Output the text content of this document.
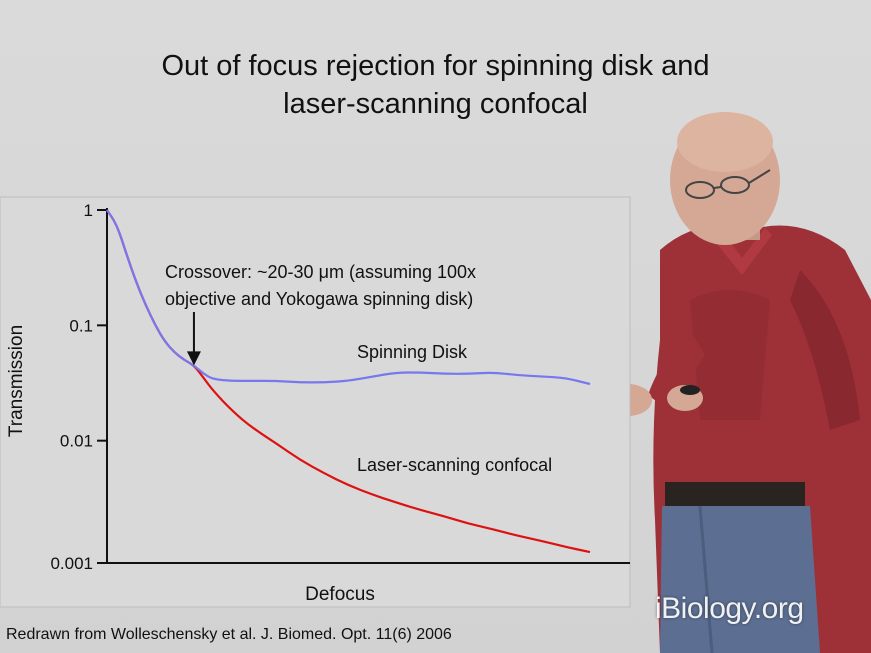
Out of focus rejection for spinning disk and
laser-scanning confocal
1
0.1
0.01
0.001
Spinning Disk
Laser-scanning confocal
Crossover: ~20-30 μm (assuming 100x
objective and Yokogawa spinning disk)
Defocus
Transmission
Redrawn from Wolleschensky et al. J. Biomed. Opt. 11(6) 2006
iBiology.org
